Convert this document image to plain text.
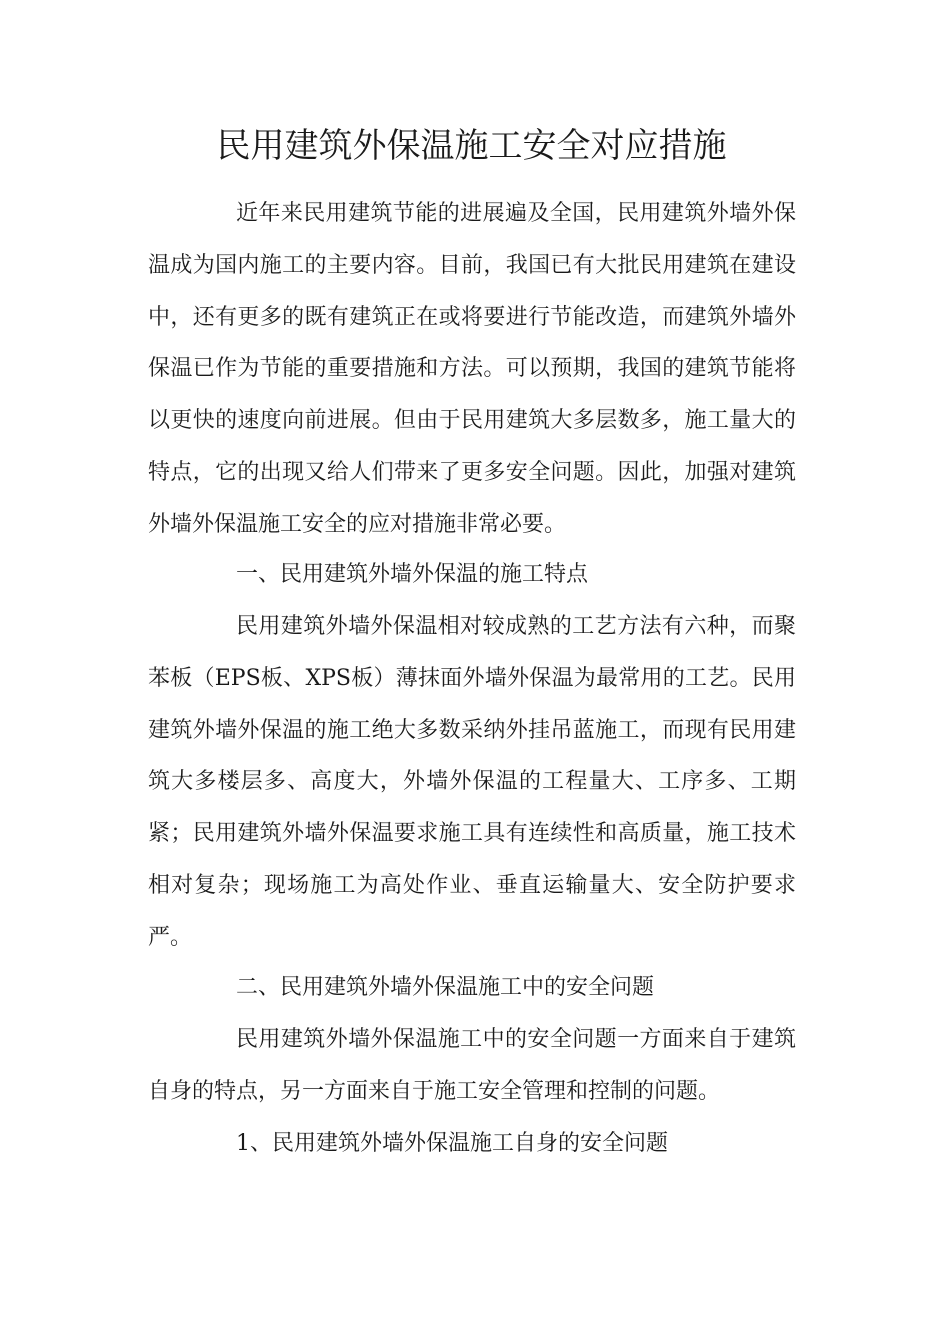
民用建筑外保温施工安全对应措施

近年来民用建筑节能的进展遍及全国，民用建筑外墙外保温成为国内施工的主要内容。目前，我国已有大批民用建筑在建设中，还有更多的既有建筑正在或将要进行节能改造，而建筑外墙外保温已作为节能的重要措施和方法。可以预期，我国的建筑节能将以更快的速度向前进展。但由于民用建筑大多层数多，施工量大的特点，它的出现又给人们带来了更多安全问题。因此，加强对建筑外墙外保温施工安全的应对措施非常必要。

一、民用建筑外墙外保温的施工特点

民用建筑外墙外保温相对较成熟的工艺方法有六种，而聚苯板（EPS板、XPS板）薄抹面外墙外保温为最常用的工艺。民用建筑外墙外保温的施工绝大多数采纳外挂吊蓝施工，而现有民用建筑大多楼层多、高度大，外墙外保温的工程量大、工序多、工期紧；民用建筑外墙外保温要求施工具有连续性和高质量，施工技术相对复杂；现场施工为高处作业、垂直运输量大、安全防护要求严。

二、民用建筑外墙外保温施工中的安全问题

民用建筑外墙外保温施工中的安全问题一方面来自于建筑自身的特点，另一方面来自于施工安全管理和控制的问题。

1、民用建筑外墙外保温施工自身的安全问题
